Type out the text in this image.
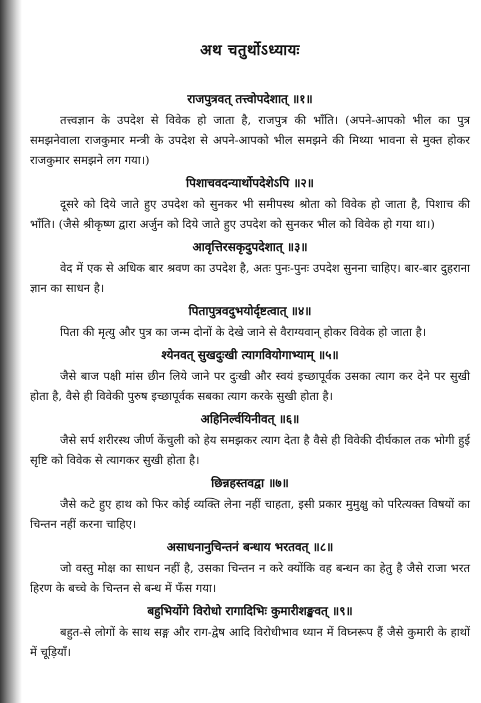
अथ चतुर्थोऽध्यायः
राजपुत्रवत् तत्त्वोपदेशात् ॥१॥

तत्त्वज्ञान के उपदेश से विवेक हो जाता है, राजपुत्र की भाँति। (अपने-आपको भील का पुत्र समझनेवाला राजकुमार मन्त्री के उपदेश से अपने-आपको भील समझने की मिथ्या भावना से मुक्त होकर राजकुमार समझने लग गया।)

पिशाचवदन्यार्थोपदेशेऽपि ॥२॥

दूसरे को दिये जाते हुए उपदेश को सुनकर भी समीपस्थ श्रोता को विवेक हो जाता है, पिशाच की भाँति। (जैसे श्रीकृष्ण द्वारा अर्जुन को दिये जाते हुए उपदेश को सुनकर भील को विवेक हो गया था।)

आवृत्तिरसकृदुपदेशात् ॥३॥

वेद में एक से अधिक बार श्रवण का उपदेश है, अतः पुनः-पुनः उपदेश सुनना चाहिए। बार-बार दुहराना ज्ञान का साधन है।

पितापुत्रवदुभयोर्दृष्टत्वात् ॥४॥

पिता की मृत्यु और पुत्र का जन्म दोनों के देखे जाने से वैराग्यवान् होकर विवेक हो जाता है।

श्येनवत् सुखदुःखी त्यागवियोगाभ्याम् ॥५॥

जैसे बाज पक्षी मांस छीन लिये जाने पर दुःखी और स्वयं इच्छापूर्वक उसका त्याग कर देने पर सुखी होता है, वैसे ही विवेकी पुरुष इच्छापूर्वक सबका त्याग करके सुखी होता है।

अहिनिर्ल्वयिनीवत् ॥६॥

जैसे सर्प शरीरस्थ जीर्ण केंचुली को हेय समझकर त्याग देता है वैसे ही विवेकी दीर्घकाल तक भोगी हुई सृष्टि को विवेक से त्यागकर सुखी होता है।

छिन्नहस्तवद्वा ॥७॥

जैसे कटे हुए हाथ को फिर कोई व्यक्ति लेना नहीं चाहता, इसी प्रकार मुमुक्षु को परित्यक्त विषयों का चिन्तन नहीं करना चाहिए।

असाधनानुचिन्तनं बन्धाय भरतवत् ॥८॥

जो वस्तु मोक्ष का साधन नहीं है, उसका चिन्तन न करे क्योंकि वह बन्धन का हेतु है जैसे राजा भरत हिरण के बच्चे के चिन्तन से बन्ध में फँस गया।

बहुभिर्योगे विरोधो रागादिभिः कुमारीशङ्खवत् ॥९॥

बहुत-से लोगों के साथ सङ्ग और राग-द्वेष आदि विरोधीभाव ध्यान में विघ्नरूप हैं जैसे कुमारी के हाथों में चूड़ियाँ।
